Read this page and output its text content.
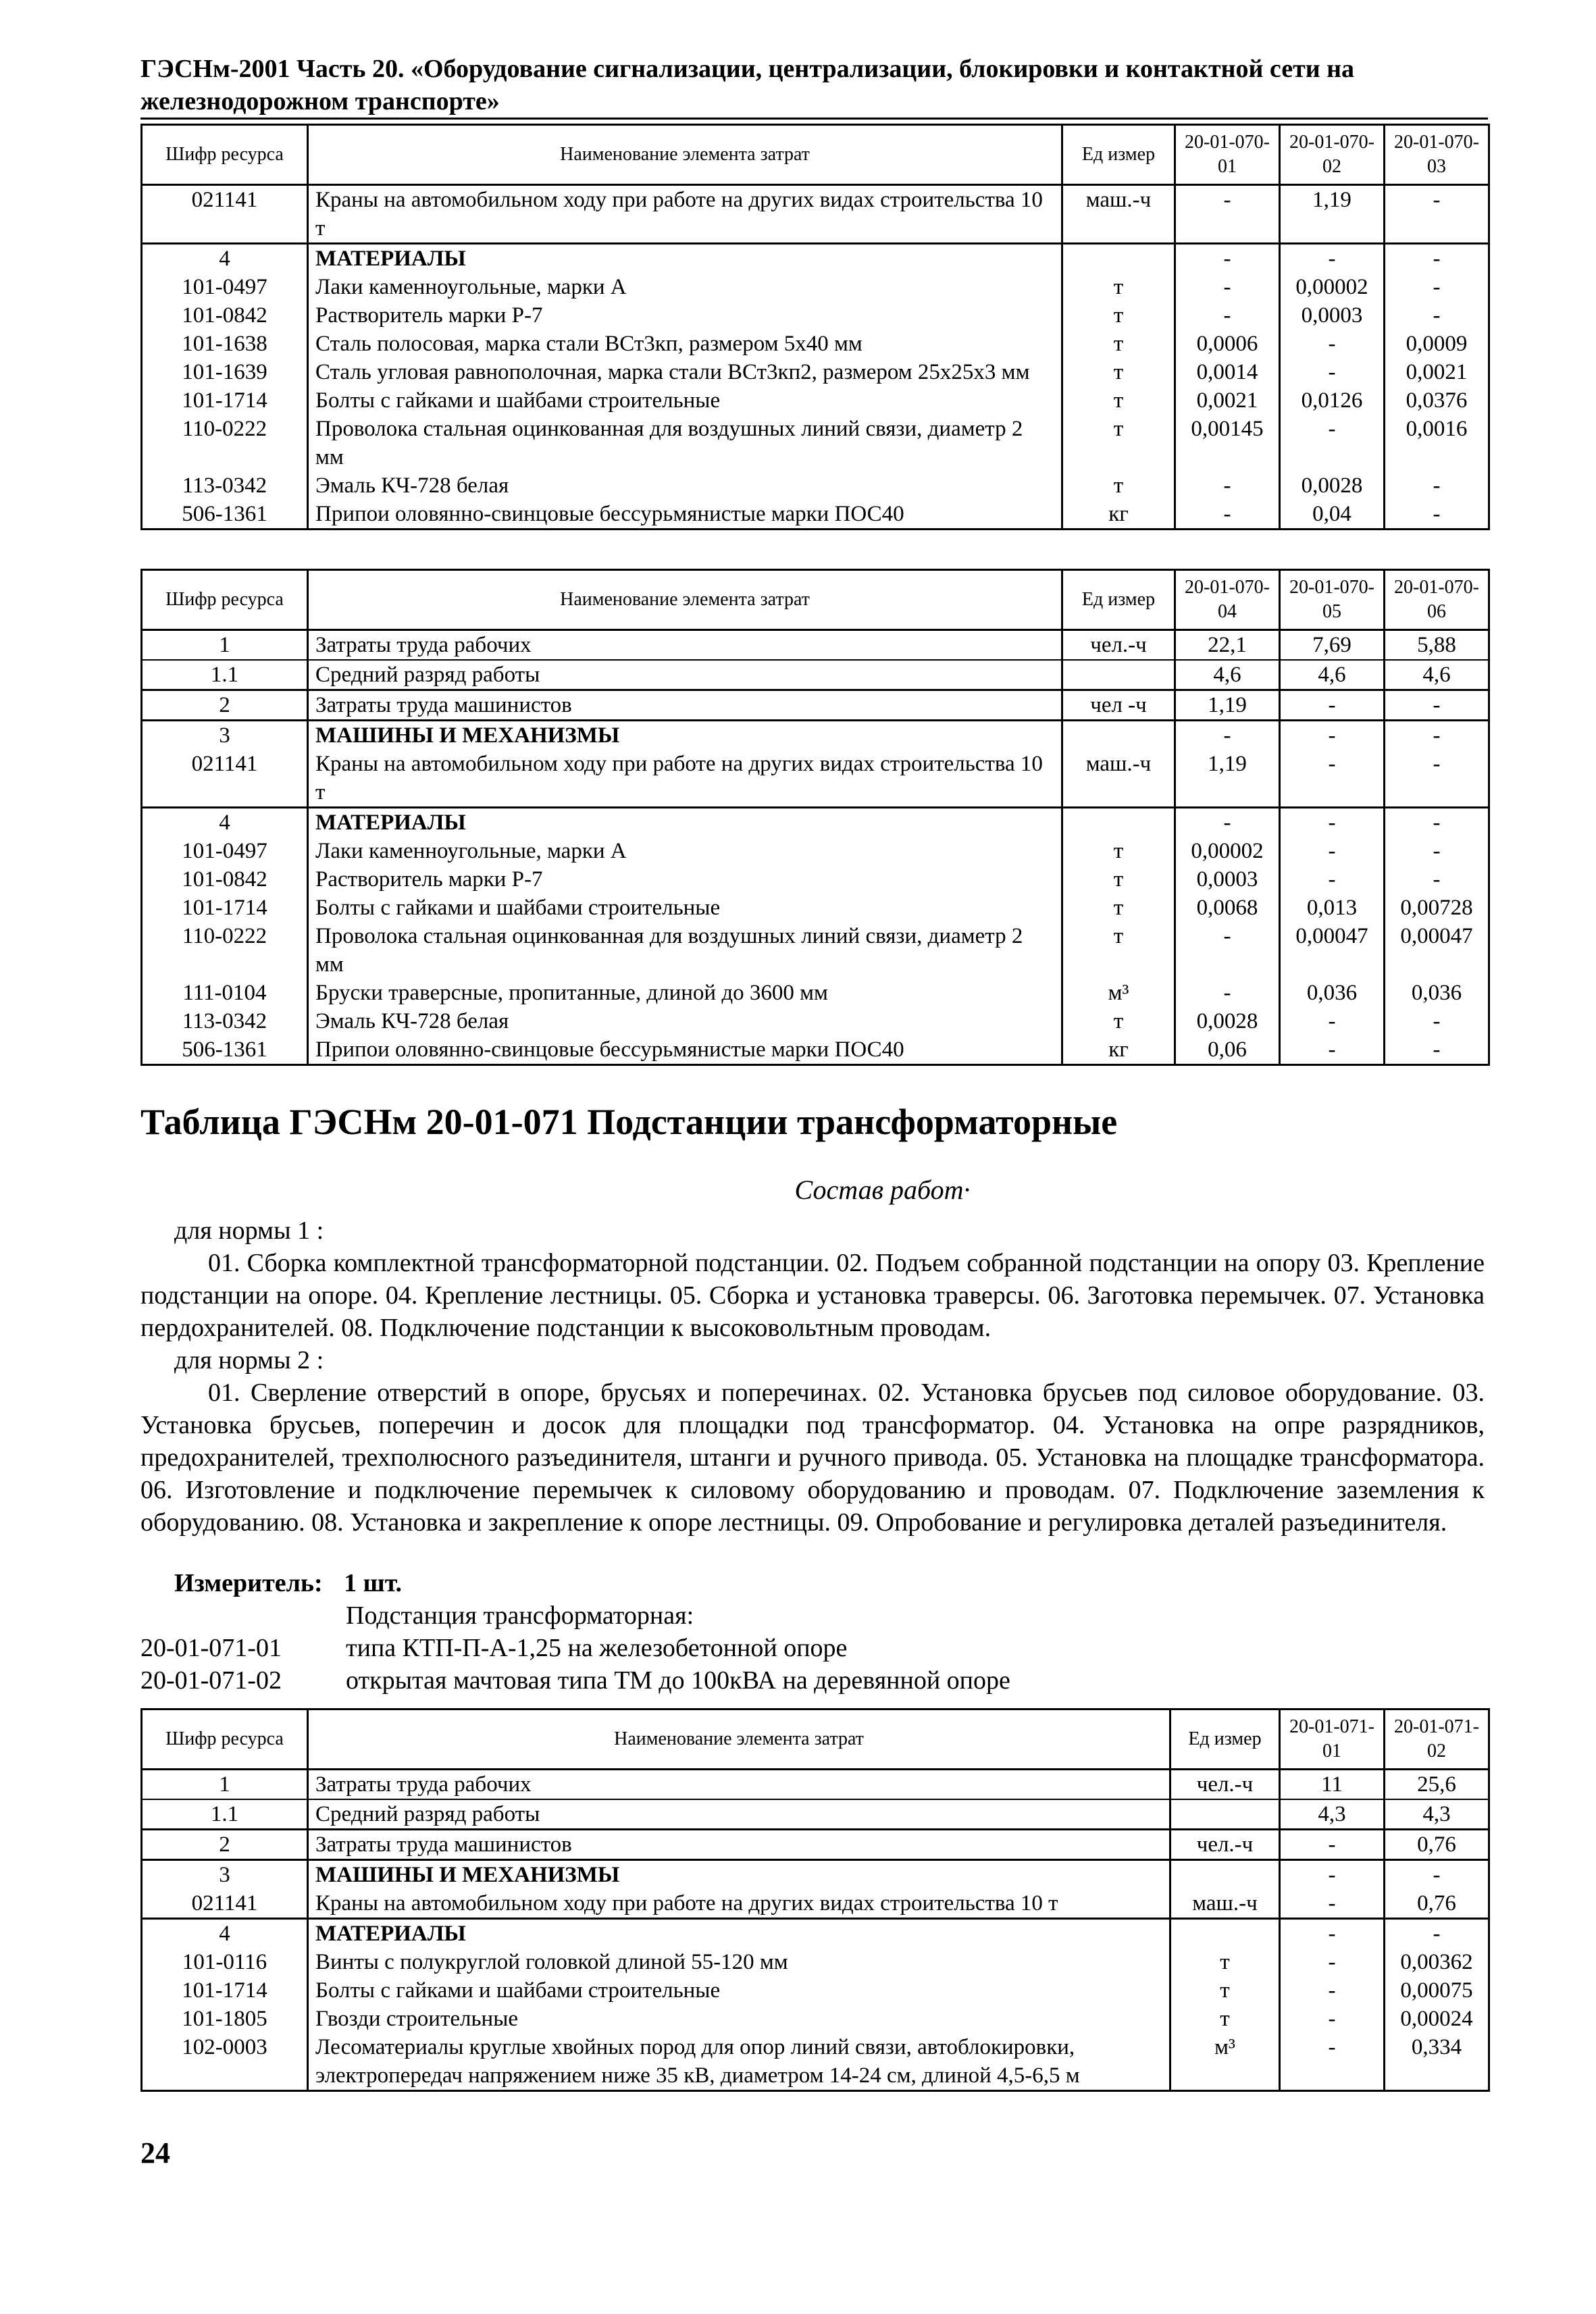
ГЭСНм-2001 Часть 20. «Оборудование сигнализации, централизации, блокировки и контактной сети на железнодорожном транспорте»
Шифр ресурса	Наименование элемента затрат	Ед измер	20-01-070-01	20-01-070-02	20-01-070-03
021141	Краны на автомобильном ходу при работе на других видах строительства 10 т	маш.-ч	-	1,19	-
4	МАТЕРИАЛЫ		-	-	-
101-0497	Лаки каменноугольные, марки А	т	-	0,00002	-
101-0842	Растворитель марки Р-7	т	-	0,0003	-
101-1638	Сталь полосовая, марка стали ВСт3кп, размером 5х40 мм	т	0,0006	-	0,0009
101-1639	Сталь угловая равнополочная, марка стали ВСт3кп2, размером 25х25х3 мм	т	0,0014	-	0,0021
101-1714	Болты с гайками и шайбами строительные	т	0,0021	0,0126	0,0376
110-0222	Проволока стальная оцинкованная для воздушных линий связи, диаметр 2 мм	т	0,00145	-	0,0016
113-0342	Эмаль КЧ-728 белая	т	-	0,0028	-
506-1361	Припои оловянно-свинцовые бессурьмянистые марки ПОС40	кг	-	0,04	-
Шифр ресурса	Наименование элемента затрат	Ед измер	20-01-070-04	20-01-070-05	20-01-070-06
1	Затраты труда рабочих	чел.-ч	22,1	7,69	5,88
1.1	Средний разряд работы		4,6	4,6	4,6
2	Затраты труда машинистов	чел -ч	1,19	-	-
3	МАШИНЫ И МЕХАНИЗМЫ		-	-	-
021141	Краны на автомобильном ходу при работе на других видах строительства 10 т	маш.-ч	1,19	-	-
4	МАТЕРИАЛЫ		-	-	-
101-0497	Лаки каменноугольные, марки А	т	0,00002	-	-
101-0842	Растворитель марки Р-7	т	0,0003	-	-
101-1714	Болты с гайками и шайбами строительные	т	0,0068	0,013	0,00728
110-0222	Проволока стальная оцинкованная для воздушных линий связи, диаметр 2 мм	т	-	0,00047	0,00047
111-0104	Бруски траверсные, пропитанные, длиной до 3600 мм	м³	-	0,036	0,036
113-0342	Эмаль КЧ-728 белая	т	0,0028	-	-
506-1361	Припои оловянно-свинцовые бессурьмянистые марки ПОС40	кг	0,06	-	-
Таблица ГЭСНм 20-01-071 Подстанции трансформаторные
Состав работ·
для нормы 1 :
01. Сборка комплектной трансформаторной подстанции. 02. Подъем собранной подстанции на опору 03. Крепление подстанции на опоре. 04. Крепление лестницы. 05. Сборка и установка траверсы. 06. Заготовка перемычек. 07. Установка пердохранителей. 08. Подключение подстанции к высоковольтным проводам.
для нормы 2 :
01. Сверление отверстий в опоре, брусьях и поперечинах. 02. Установка брусьев под силовое оборудование. 03. Установка брусьев, поперечин и досок для площадки под трансформатор. 04. Установка на опре разрядников, предохранителей, трехполюсного разъединителя, штанги и ручного привода. 05. Установка на площадке трансформатора. 06. Изготовление и подключение перемычек к силовому оборудованию и проводам. 07. Подключение заземления к оборудованию. 08. Установка и закрепление к опоре лестницы. 09. Опробование и регулировка деталей разъединителя.
Измеритель: 1 шт.
Подстанция трансформаторная:
20-01-071-01	типа КТП-П-А-1,25 на железобетонной опоре
20-01-071-02	открытая мачтовая типа ТМ до 100кВА на деревянной опоре
Шифр ресурса	Наименование элемента затрат	Ед измер	20-01-071-01	20-01-071-02
1	Затраты труда рабочих	чел.-ч	11	25,6
1.1	Средний разряд работы		4,3	4,3
2	Затраты труда машинистов	чел.-ч	-	0,76
3	МАШИНЫ И МЕХАНИЗМЫ		-	-
021141	Краны на автомобильном ходу при работе на других видах строительства 10 т	маш.-ч	-	0,76
4	МАТЕРИАЛЫ		-	-
101-0116	Винты с полукруглой головкой длиной 55-120 мм	т	-	0,00362
101-1714	Болты с гайками и шайбами строительные	т	-	0,00075
101-1805	Гвозди строительные	т	-	0,00024
102-0003	Лесоматериалы круглые хвойных пород для опор линий связи, автоблокировки, электропередач напряжением ниже 35 кВ, диаметром 14-24 см, длиной 4,5-6,5 м	м³	-	0,334
24
